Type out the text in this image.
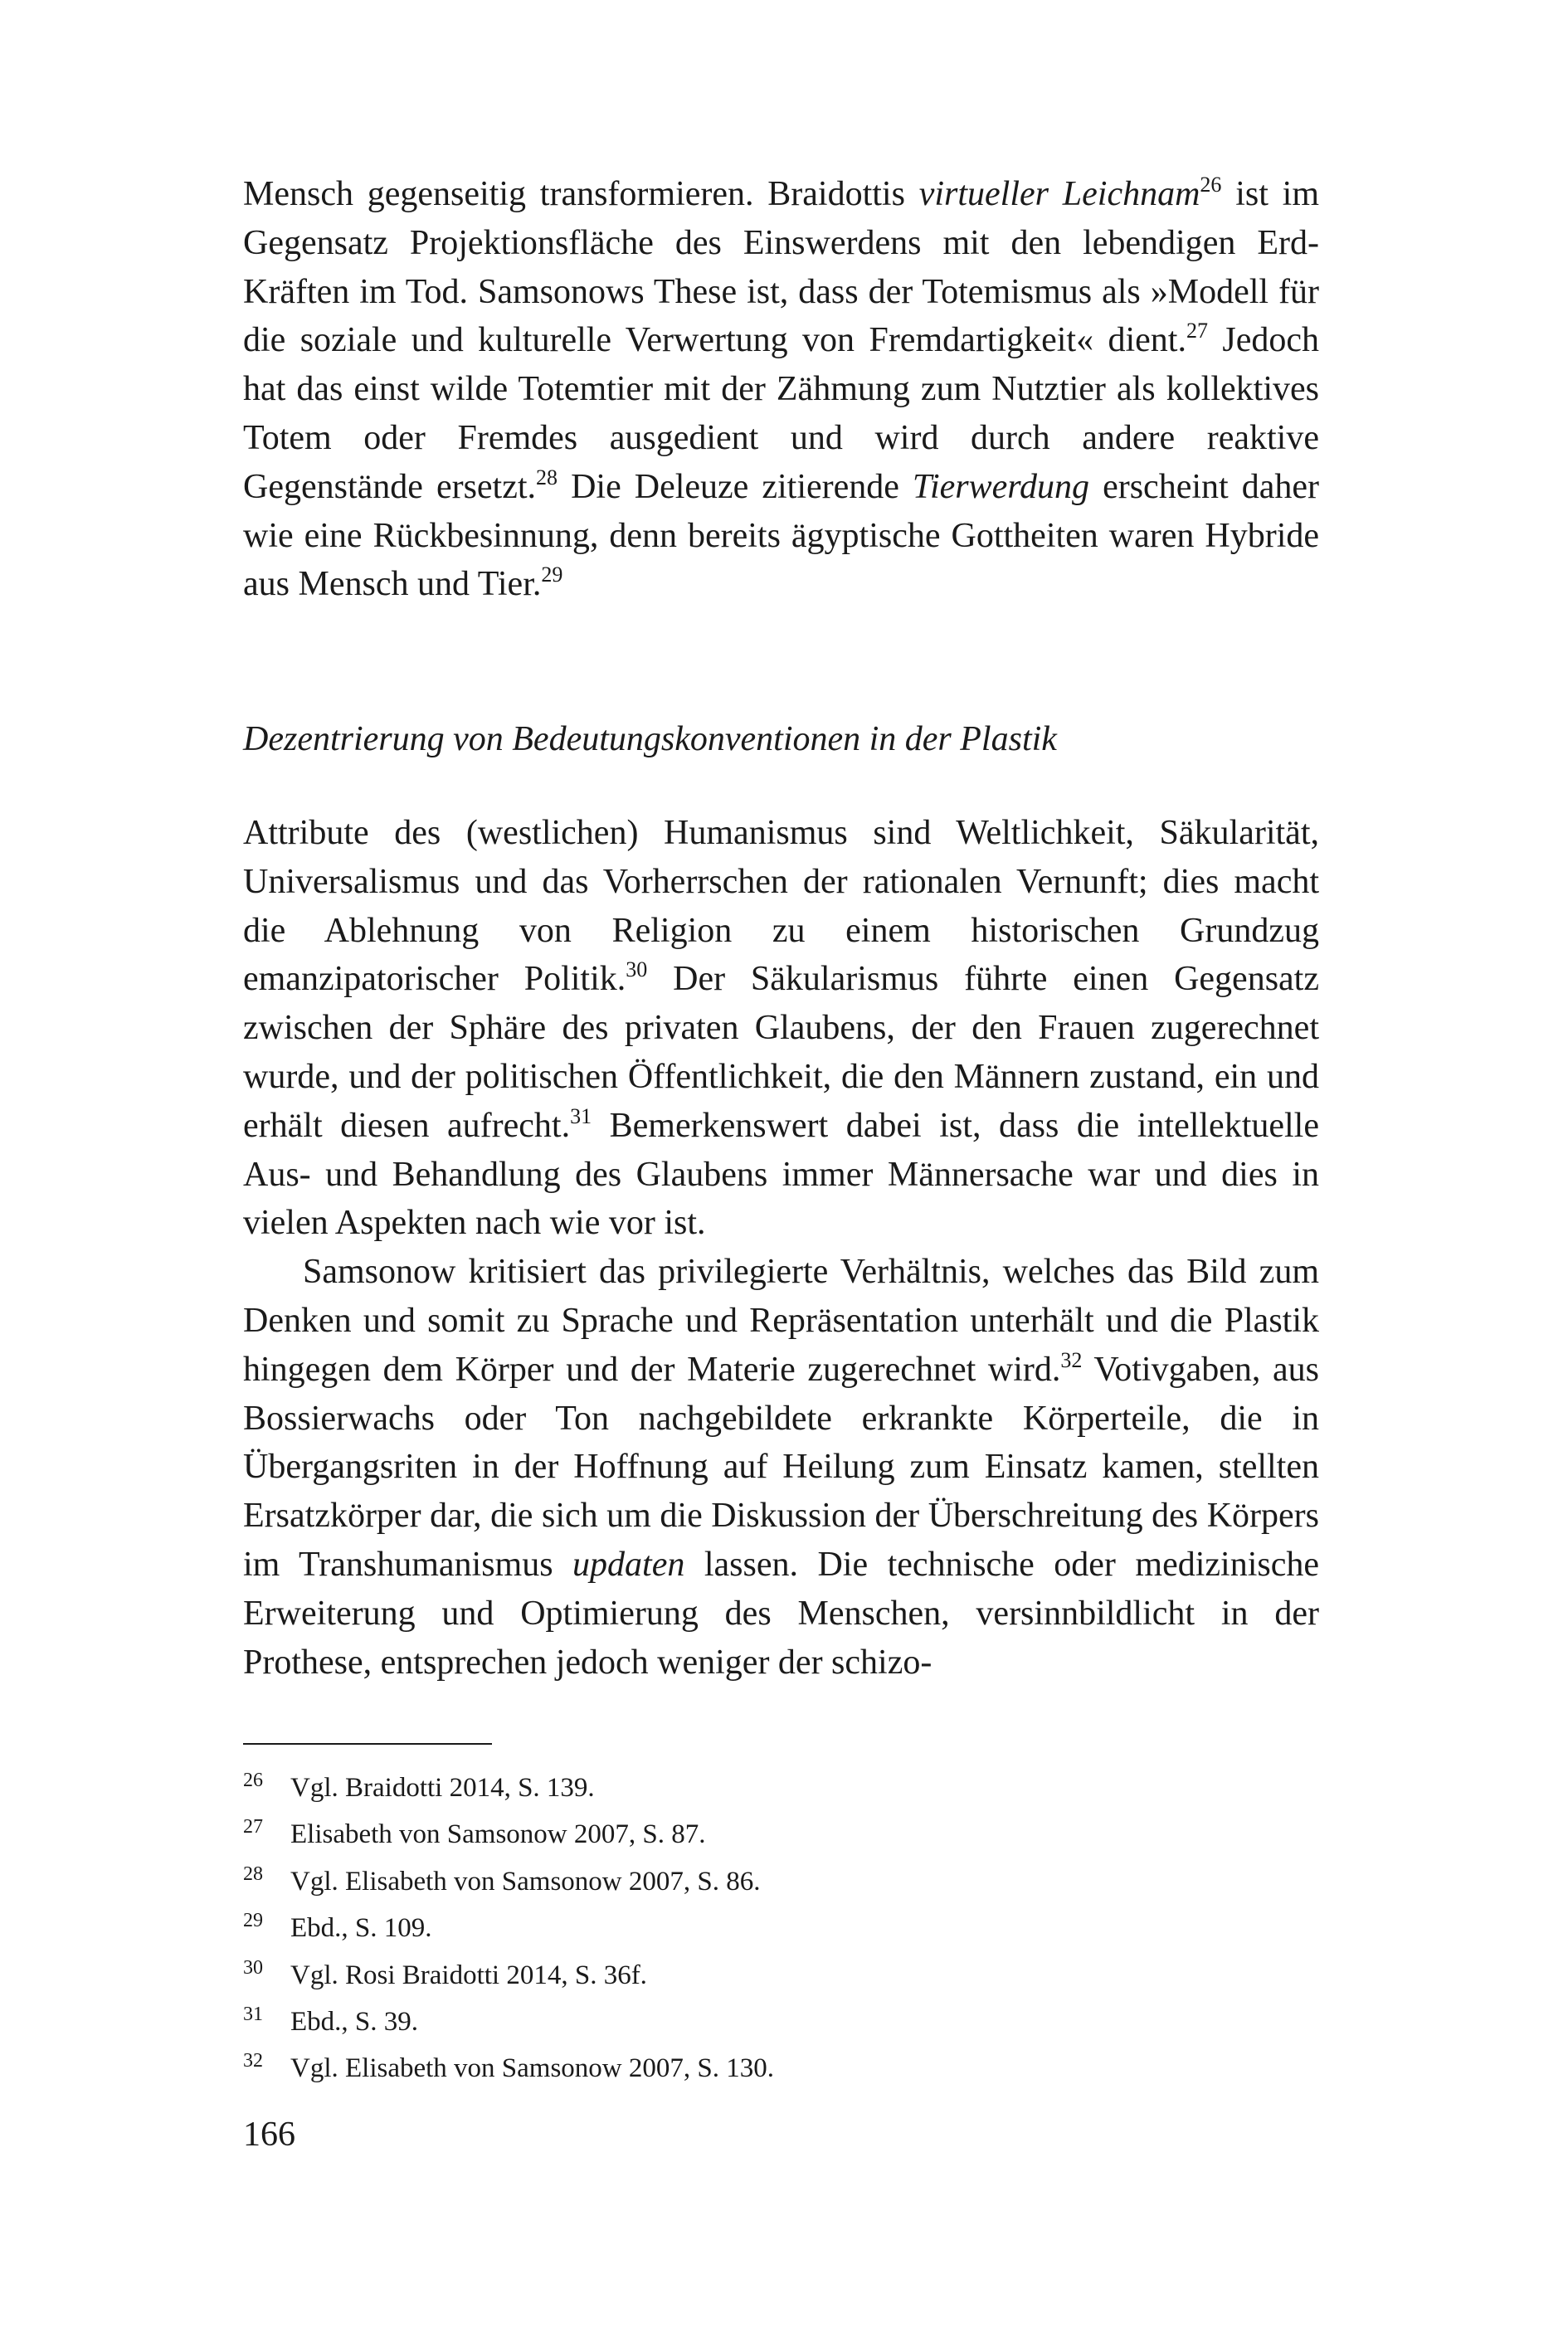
Mensch gegenseitig transformieren. Braidottis virtueller Leichnam$^{26}$ ist im Gegensatz Projektionsfläche des Einswerdens mit den lebendigen Erd-Kräften im Tod. Samsonows These ist, dass der Totemismus als »Modell für die soziale und kulturelle Verwertung von Fremdartigkeit« dient.$^{27}$ Jedoch hat das einst wilde Totemtier mit der Zähmung zum Nutztier als kollektives Totem oder Fremdes ausgedient und wird durch andere reaktive Gegenstände ersetzt.$^{28}$ Die Deleuze zitierende Tierwerdung erscheint daher wie eine Rückbesinnung, denn bereits ägyptische Gottheiten waren Hybride aus Mensch und Tier.$^{29}$

Dezentrierung von Bedeutungskonventionen in der Plastik

Attribute des (westlichen) Humanismus sind Weltlichkeit, Säkularität, Universalismus und das Vorherrschen der rationalen Vernunft; dies macht die Ablehnung von Religion zu einem historischen Grundzug emanzipatorischer Politik.$^{30}$ Der Säkularismus führte einen Gegensatz zwischen der Sphäre des privaten Glaubens, der den Frauen zugerechnet wurde, und der politischen Öffentlichkeit, die den Männern zustand, ein und erhält diesen aufrecht.$^{31}$ Bemerkenswert dabei ist, dass die intellektuelle Aus- und Behandlung des Glaubens immer Männersache war und dies in vielen Aspekten nach wie vor ist.

Samsonow kritisiert das privilegierte Verhältnis, welches das Bild zum Denken und somit zu Sprache und Repräsentation unterhält und die Plastik hingegen dem Körper und der Materie zugerechnet wird.$^{32}$ Votivgaben, aus Bossierwachs oder Ton nachgebildete erkrankte Körperteile, die in Übergangsriten in der Hoffnung auf Heilung zum Einsatz kamen, stellten Ersatzkörper dar, die sich um die Diskussion der Überschreitung des Körpers im Transhumanismus updaten lassen. Die technische oder medizinische Erweiterung und Optimierung des Menschen, versinnbildlicht in der Prothese, entsprechen jedoch weniger der schizo-

26	Vgl. Braidotti 2014, S. 139.
27	Elisabeth von Samsonow 2007, S. 87.
28	Vgl. Elisabeth von Samsonow 2007, S. 86.
29	Ebd., S. 109.
30	Vgl. Rosi Braidotti 2014, S. 36f.
31	Ebd., S. 39.
32	Vgl. Elisabeth von Samsonow 2007, S. 130.
166
